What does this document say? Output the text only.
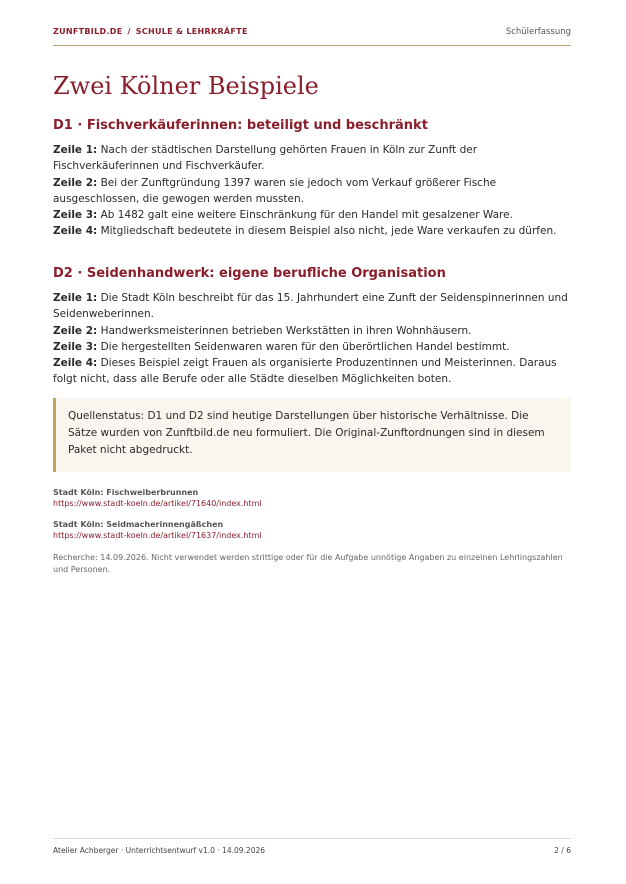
ZUNFTBILD.DE / SCHULE & LEHRKRÄFTE	Schülerfassung
Zwei Kölner Beispiele
D1 · Fischverkäuferinnen: beteiligt und beschränkt
Zeile 1: Nach der städtischen Darstellung gehörten Frauen in Köln zur Zunft der Fischverkäuferinnen und Fischverkäufer.
Zeile 2: Bei der Zunftgründung 1397 waren sie jedoch vom Verkauf größerer Fische ausgeschlossen, die gewogen werden mussten.
Zeile 3: Ab 1482 galt eine weitere Einschränkung für den Handel mit gesalzener Ware.
Zeile 4: Mitgliedschaft bedeutete in diesem Beispiel also nicht, jede Ware verkaufen zu dürfen.
D2 · Seidenhandwerk: eigene berufliche Organisation
Zeile 1: Die Stadt Köln beschreibt für das 15. Jahrhundert eine Zunft der Seidenspinnerinnen und Seidenweberinnen.
Zeile 2: Handwerksmeisterinnen betrieben Werkstätten in ihren Wohnhäusern.
Zeile 3: Die hergestellten Seidenwaren waren für den überörtlichen Handel bestimmt.
Zeile 4: Dieses Beispiel zeigt Frauen als organisierte Produzentinnen und Meisterinnen. Daraus folgt nicht, dass alle Berufe oder alle Städte dieselben Möglichkeiten boten.
Quellenstatus: D1 und D2 sind heutige Darstellungen über historische Verhältnisse. Die Sätze wurden von Zunftbild.de neu formuliert. Die Original-Zunftordnungen sind in diesem Paket nicht abgedruckt.
Stadt Köln: Fischweiberbrunnen
https://www.stadt-koeln.de/artikel/71640/index.html
Stadt Köln: Seidmacherinnengäßchen
https://www.stadt-koeln.de/artikel/71637/index.html
Recherche: 14.09.2026. Nicht verwendet werden strittige oder für die Aufgabe unnötige Angaben zu einzelnen Lehrlingszahlen und Personen.
Atelier Achberger · Unterrichtsentwurf v1.0 · 14.09.2026	2 / 6
